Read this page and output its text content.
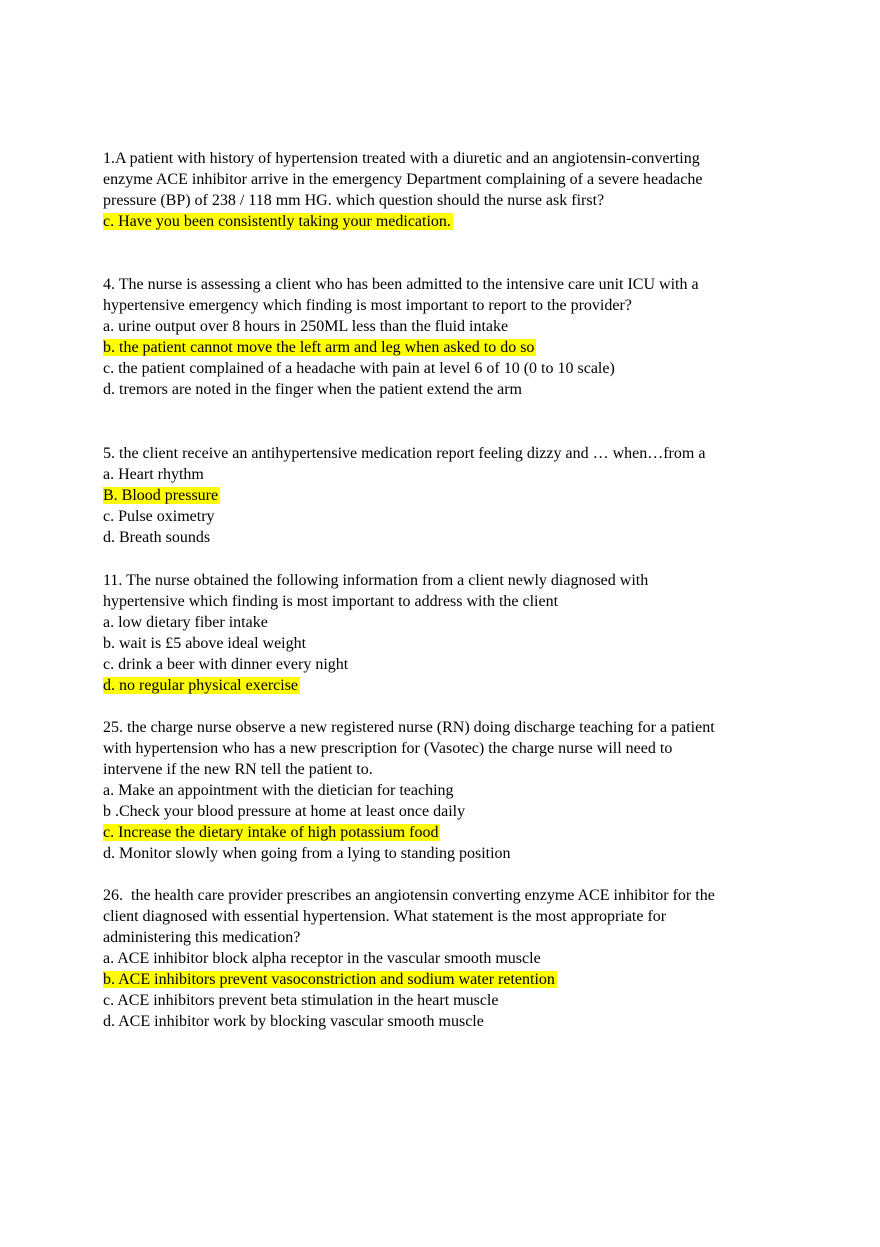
1.A patient with history of hypertension treated with a diuretic and an angiotensin-converting
enzyme ACE inhibitor arrive in the emergency Department complaining of a severe headache
pressure (BP) of 238 / 118 mm HG. which question should the nurse ask first?
c. Have you been consistently taking your medication.
4. The nurse is assessing a client who has been admitted to the intensive care unit ICU with a
hypertensive emergency which finding is most important to report to the provider?
a. urine output over 8 hours in 250ML less than the fluid intake
b. the patient cannot move the left arm and leg when asked to do so
c. the patient complained of a headache with pain at level 6 of 10 (0 to 10 scale)
d. tremors are noted in the finger when the patient extend the arm
5. the client receive an antihypertensive medication report feeling dizzy and … when…from a
a. Heart rhythm
B. Blood pressure
c. Pulse oximetry
d. Breath sounds
11. The nurse obtained the following information from a client newly diagnosed with
hypertensive which finding is most important to address with the client
a. low dietary fiber intake
b. wait is £5 above ideal weight
c. drink a beer with dinner every night
d. no regular physical exercise
25. the charge nurse observe a new registered nurse (RN) doing discharge teaching for a patient
with hypertension who has a new prescription for (Vasotec) the charge nurse will need to
intervene if the new RN tell the patient to.
a. Make an appointment with the dietician for teaching
b .Check your blood pressure at home at least once daily
c. Increase the dietary intake of high potassium food
d. Monitor slowly when going from a lying to standing position
26.  the health care provider prescribes an angiotensin converting enzyme ACE inhibitor for the
client diagnosed with essential hypertension. What statement is the most appropriate for
administering this medication?
a. ACE inhibitor block alpha receptor in the vascular smooth muscle
b. ACE inhibitors prevent vasoconstriction and sodium water retention
c. ACE inhibitors prevent beta stimulation in the heart muscle
d. ACE inhibitor work by blocking vascular smooth muscle
